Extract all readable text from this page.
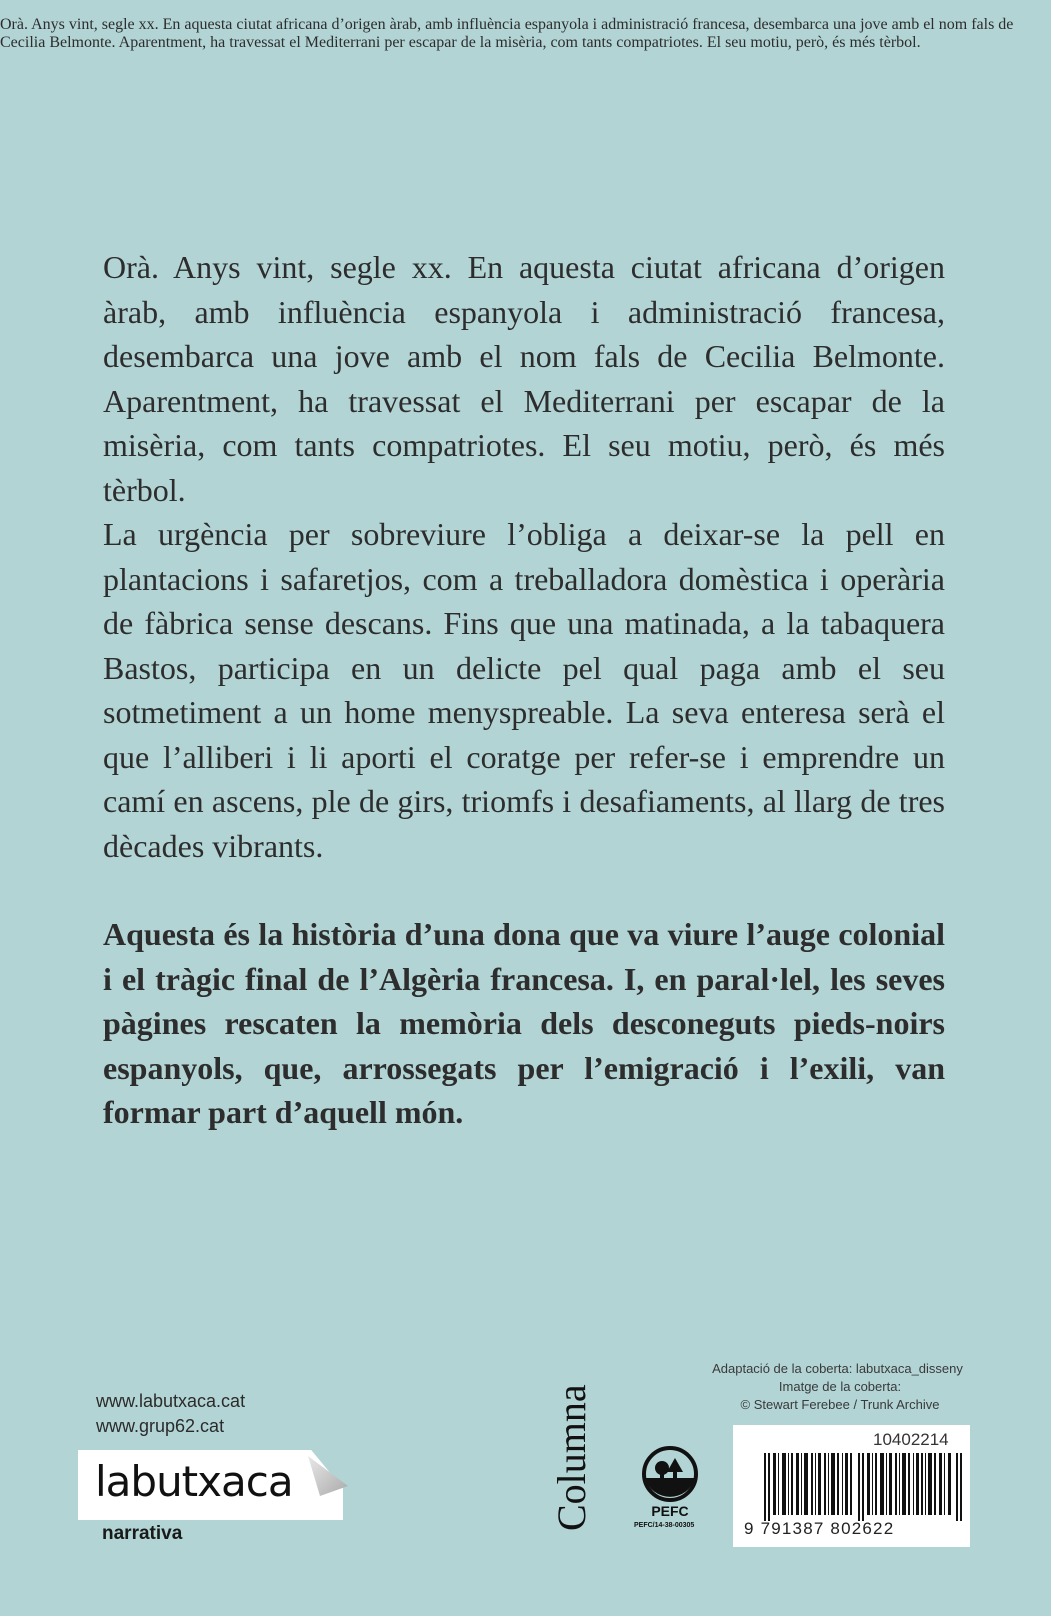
Orà. Anys vint, segle xx. En aquesta ciutat africana d’origen àrab, amb influència espanyola i administració francesa, desembarca una jove amb el nom fals de Cecilia Belmonte. Aparentment, ha travessat el Mediterrani per escapar de la misèria, com tants compatriotes. El seu motiu, però, és més tèrbol.

Orà. Anys vint, segle xx. En aquesta ciutat africana d’origen àrab, amb influència espanyola i administració francesa, desembarca una jove amb el nom fals de Cecilia Belmonte. Aparentment, ha travessat el Mediterrani per escapar de la misèria, com tants compatriotes. El seu motiu, però, és més tèrbol.

La urgència per sobreviure l’obliga a deixar-se la pell en plantacions i safaretjos, com a treballadora domèstica i operària de fàbrica sense descans. Fins que una matinada, a la tabaquera Bastos, participa en un delicte pel qual paga amb el seu sotmetiment a un home menyspreable. La seva enteresa serà el que l’alliberi i li aporti el coratge per refer-se i emprendre un camí en ascens, ple de girs, triomfs i desafiaments, al llarg de tres dècades vibrants.

Aquesta és la història d’una dona que va viure l’auge colonial i el tràgic final de l’Algèria francesa. I, en paral·lel, les seves pàgines rescaten la memòria dels desconeguts pieds-noirs espanyols, que, arrossegats per l’emigració i l’exili, van formar part d’aquell món.

www.labutxaca.cat
www.grup62.cat
labutxaca
narrativa
Columna	PEFC
PEFC/14-38-00305
Adaptació de la coberta: labutxaca_disseny
Imatge de la coberta:
© Stewart Ferebee / Trunk Archive
10402214
9 791387 802622
